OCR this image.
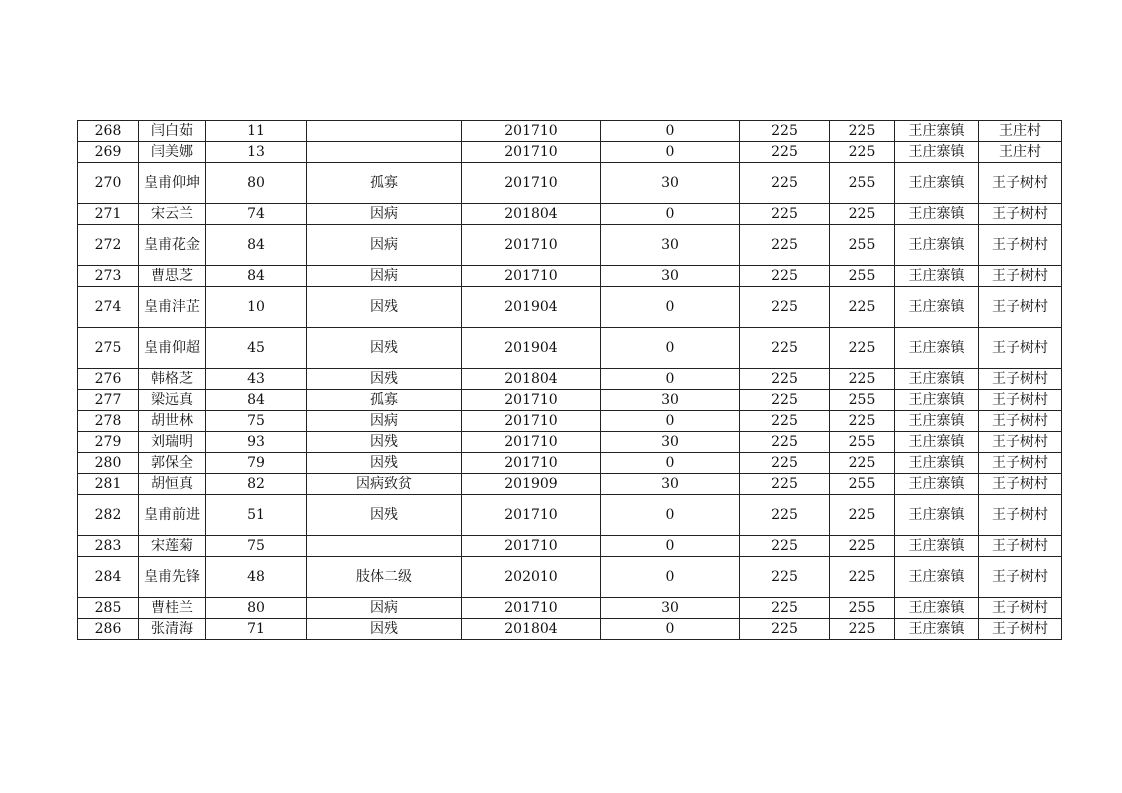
268	闫白茹	11		201710	0	225	225	王庄寨镇	王庄村
269	闫美娜	13		201710	0	225	225	王庄寨镇	王庄村
270	皇甫仰坤	80	孤寡	201710	30	225	255	王庄寨镇	王子树村
271	宋云兰	74	因病	201804	0	225	225	王庄寨镇	王子树村
272	皇甫花金	84	因病	201710	30	225	255	王庄寨镇	王子树村
273	曹思芝	84	因病	201710	30	225	255	王庄寨镇	王子树村
274	皇甫沣芷	10	因残	201904	0	225	225	王庄寨镇	王子树村
275	皇甫仰超	45	因残	201904	0	225	225	王庄寨镇	王子树村
276	韩格芝	43	因残	201804	0	225	225	王庄寨镇	王子树村
277	梁远真	84	孤寡	201710	30	225	255	王庄寨镇	王子树村
278	胡世林	75	因病	201710	0	225	225	王庄寨镇	王子树村
279	刘瑞明	93	因残	201710	30	225	255	王庄寨镇	王子树村
280	郭保全	79	因残	201710	0	225	225	王庄寨镇	王子树村
281	胡恒真	82	因病致贫	201909	30	225	255	王庄寨镇	王子树村
282	皇甫前进	51	因残	201710	0	225	225	王庄寨镇	王子树村
283	宋莲菊	75		201710	0	225	225	王庄寨镇	王子树村
284	皇甫先锋	48	肢体二级	202010	0	225	225	王庄寨镇	王子树村
285	曹桂兰	80	因病	201710	30	225	255	王庄寨镇	王子树村
286	张清海	71	因残	201804	0	225	225	王庄寨镇	王子树村
